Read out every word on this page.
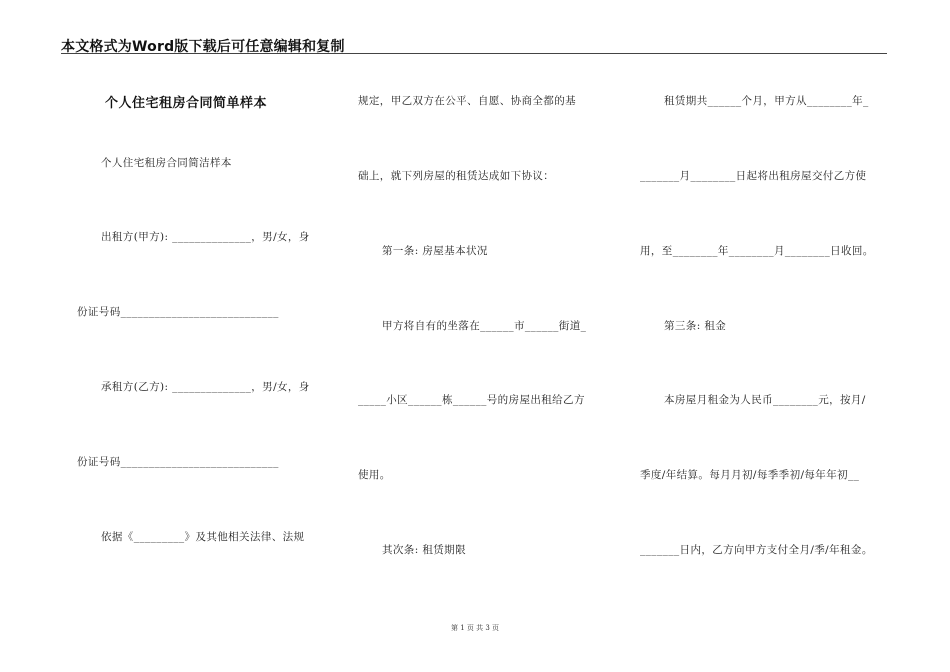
本文格式为Word版下载后可任意编辑和复制
个人住宅租房合同简单样本
个人住宅租房合同简洁样本
出租方(甲方): ______________，男/女，身
份证号码____________________________
承租方(乙方): ______________，男/女，身
份证号码____________________________
依据《_________》及其他相关法律、法规
规定，甲乙双方在公平、自愿、协商全都的基
础上，就下列房屋的租赁达成如下协议：
第一条: 房屋基本状况
甲方将自有的坐落在______市______街道_
_____小区______栋______号的房屋出租给乙方
使用。
其次条: 租赁期限
租赁期共______个月，甲方从________年_
_______月________日起将出租房屋交付乙方使
用，至________年________月________日收回。
第三条: 租金
本房屋月租金为人民币________元，按月/
季度/年结算。每月月初/每季季初/每年年初__
_______日内，乙方向甲方支付全月/季/年租金。
第 1 页 共 3 页
